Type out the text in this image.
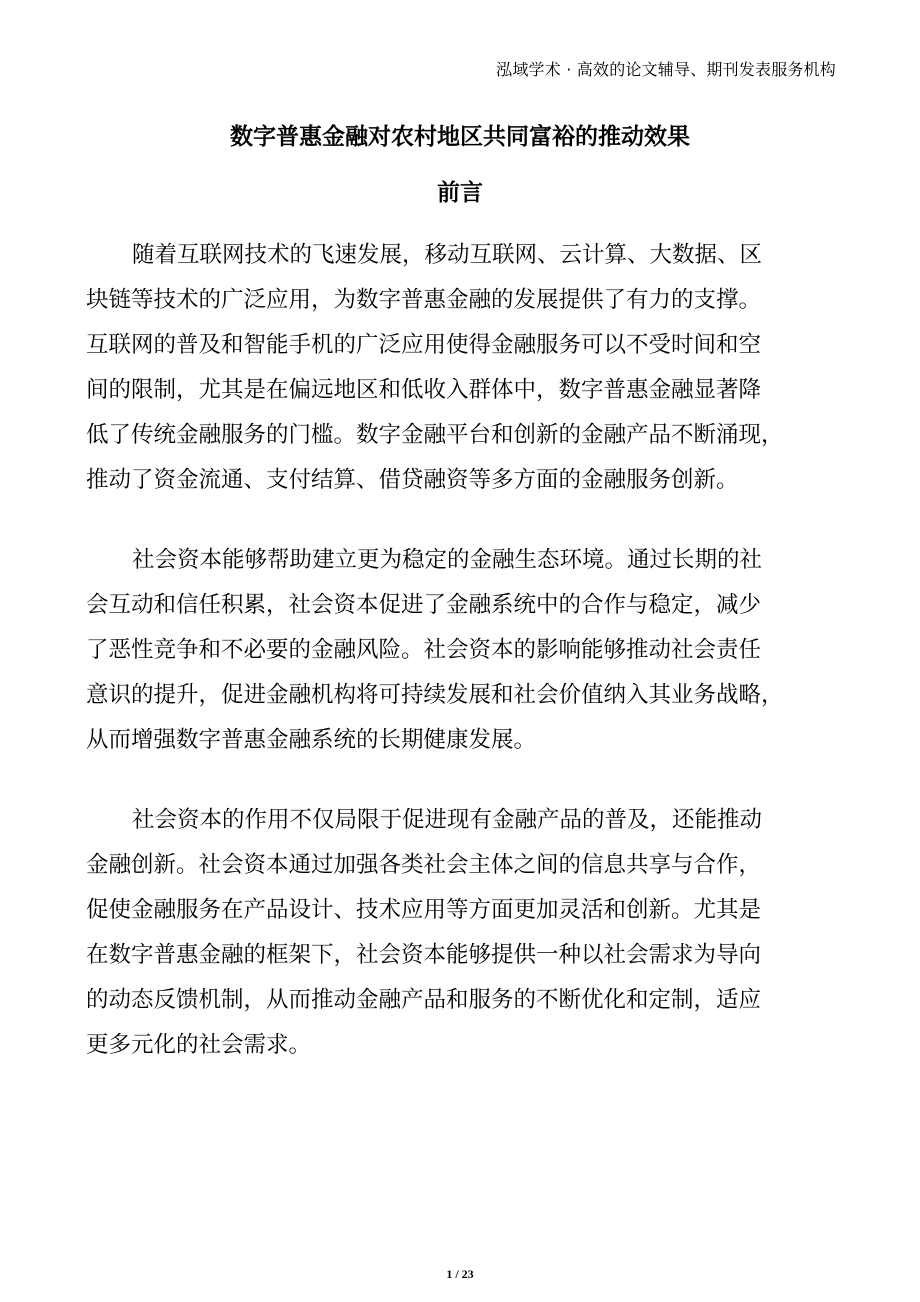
泓域学术 · 高效的论文辅导、期刊发表服务机构
数字普惠金融对农村地区共同富裕的推动效果
前言
随着互联网技术的飞速发展，移动互联网、云计算、大数据、区
块链等技术的广泛应用，为数字普惠金融的发展提供了有力的支撑。
互联网的普及和智能手机的广泛应用使得金融服务可以不受时间和空
间的限制，尤其是在偏远地区和低收入群体中，数字普惠金融显著降
低了传统金融服务的门槛。数字金融平台和创新的金融产品不断涌现，
推动了资金流通、支付结算、借贷融资等多方面的金融服务创新。
社会资本能够帮助建立更为稳定的金融生态环境。通过长期的社
会互动和信任积累，社会资本促进了金融系统中的合作与稳定，减少
了恶性竞争和不必要的金融风险。社会资本的影响能够推动社会责任
意识的提升，促进金融机构将可持续发展和社会价值纳入其业务战略，
从而增强数字普惠金融系统的长期健康发展。
社会资本的作用不仅局限于促进现有金融产品的普及，还能推动
金融创新。社会资本通过加强各类社会主体之间的信息共享与合作，
促使金融服务在产品设计、技术应用等方面更加灵活和创新。尤其是
在数字普惠金融的框架下，社会资本能够提供一种以社会需求为导向
的动态反馈机制，从而推动金融产品和服务的不断优化和定制，适应
更多元化的社会需求。
1 / 23
